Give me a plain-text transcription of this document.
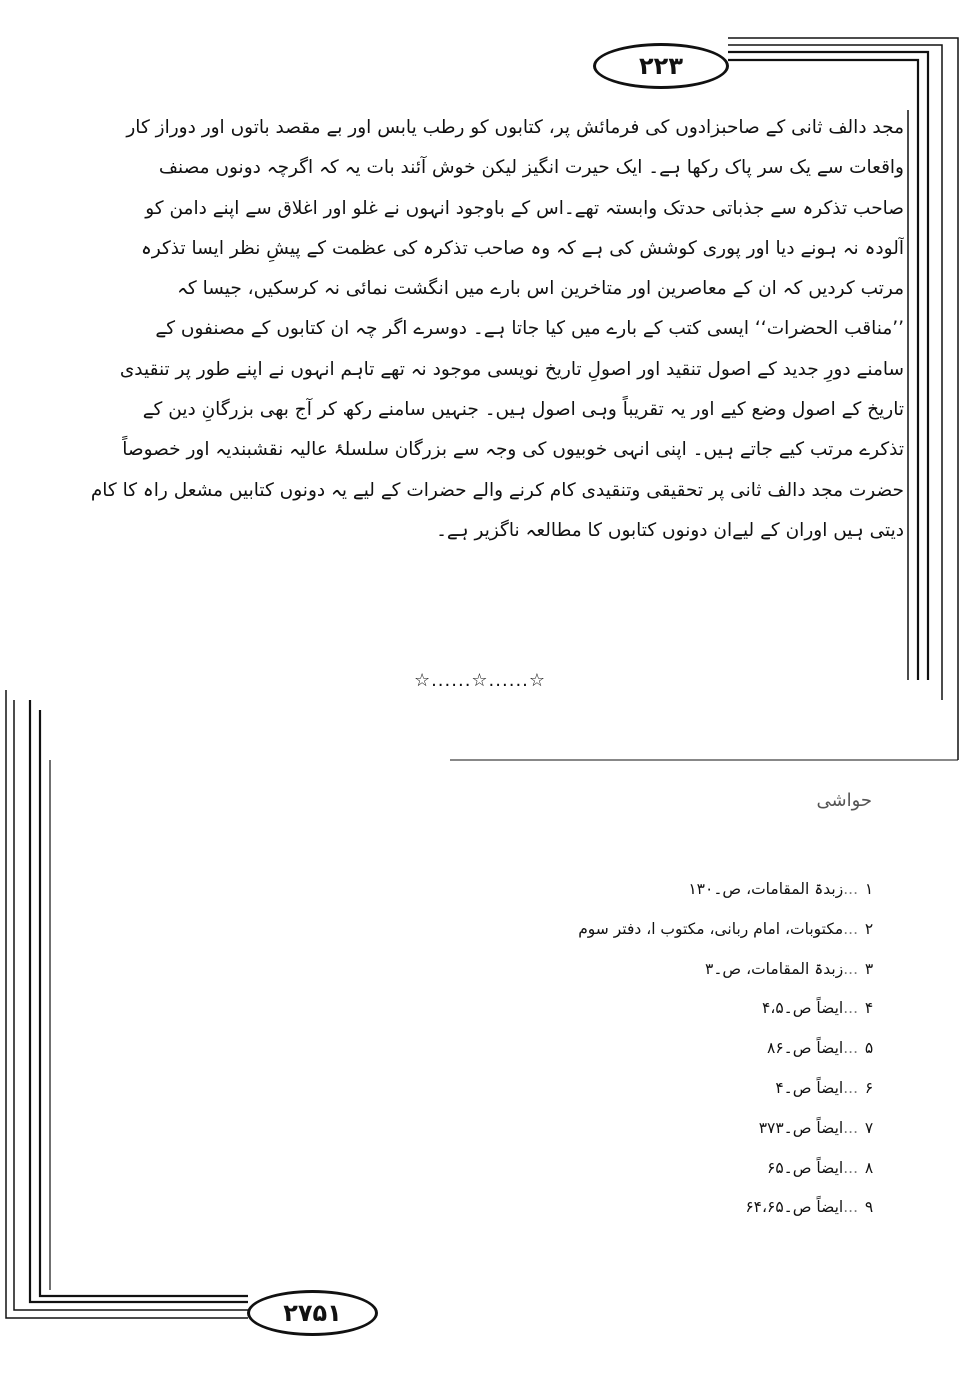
۲۲۳
مجد دالف ثانی کے صاحبزادوں کی فرمائش پر، کتابوں کو رطب یابس اور بے مقصد باتوں اور دوراز کار
واقعات سے یک سر پاک رکھا ہے۔ ایک حیرت انگیز لیکن خوش آئند بات یہ کہ اگرچہ دونوں مصنف
صاحب تذکرہ سے جذباتی حدتک وابستہ تھے۔اس کے باوجود انہوں نے غلو اور اغلاق سے اپنے دامن کو
آلودہ نہ ہونے دیا اور پوری کوشش کی ہے کہ وہ صاحب تذکرہ کی عظمت کے پیشِ نظر ایسا تذکرہ
مرتب کردیں کہ ان کے معاصرین اور متاخرین اس بارے میں انگشت نمائی نہ کرسکیں، جیسا کہ
’’مناقب الحضرات‘‘ ایسی کتب کے بارے میں کیا جاتا ہے۔ دوسرے اگر چہ ان کتابوں کے مصنفوں کے
سامنے دورِ جدید کے اصول تنقید اور اصولِ تاریخ نویسی موجود نہ تھے تاہم انہوں نے اپنے طور پر تنقیدی
تاریخ کے اصول وضع کیے اور یہ تقریباً وہی اصول ہیں۔ جنہیں سامنے رکھ کر آج بھی بزرگانِ دین کے
تذکرے مرتب کیے جاتے ہیں۔ اپنی انہی خوبیوں کی وجہ سے بزرگان سلسلۂ عالیہ نقشبندیہ اور خصوصاً
حضرت مجد دالف ثانی پر تحقیقی وتنقیدی کام کرنے والے حضرات کے لیے یہ دونوں کتابیں مشعل راہ کا کام
دیتی ہیں اوران کے لیےان دونوں کتابوں کا مطالعہ ناگزیر ہے۔
☆......☆......☆
حواشی
١...زبدۃ المقامات، ص۔۱۳۰
٢...مکتوبات، امام ربانی، مکتوب ا، دفتر سوم
٣...زبدۃ المقامات، ص۔۳
۴...ایضاً ص۔۴،۵
۵...ایضاً ص۔۸۶
۶...ایضاً ص۔۴
۷...ایضاً ص۔۳۷۳
۸...ایضاً ص۔۶۵
۹...ایضاً ص۔۶۴،۶۵
۲۷۵۱
